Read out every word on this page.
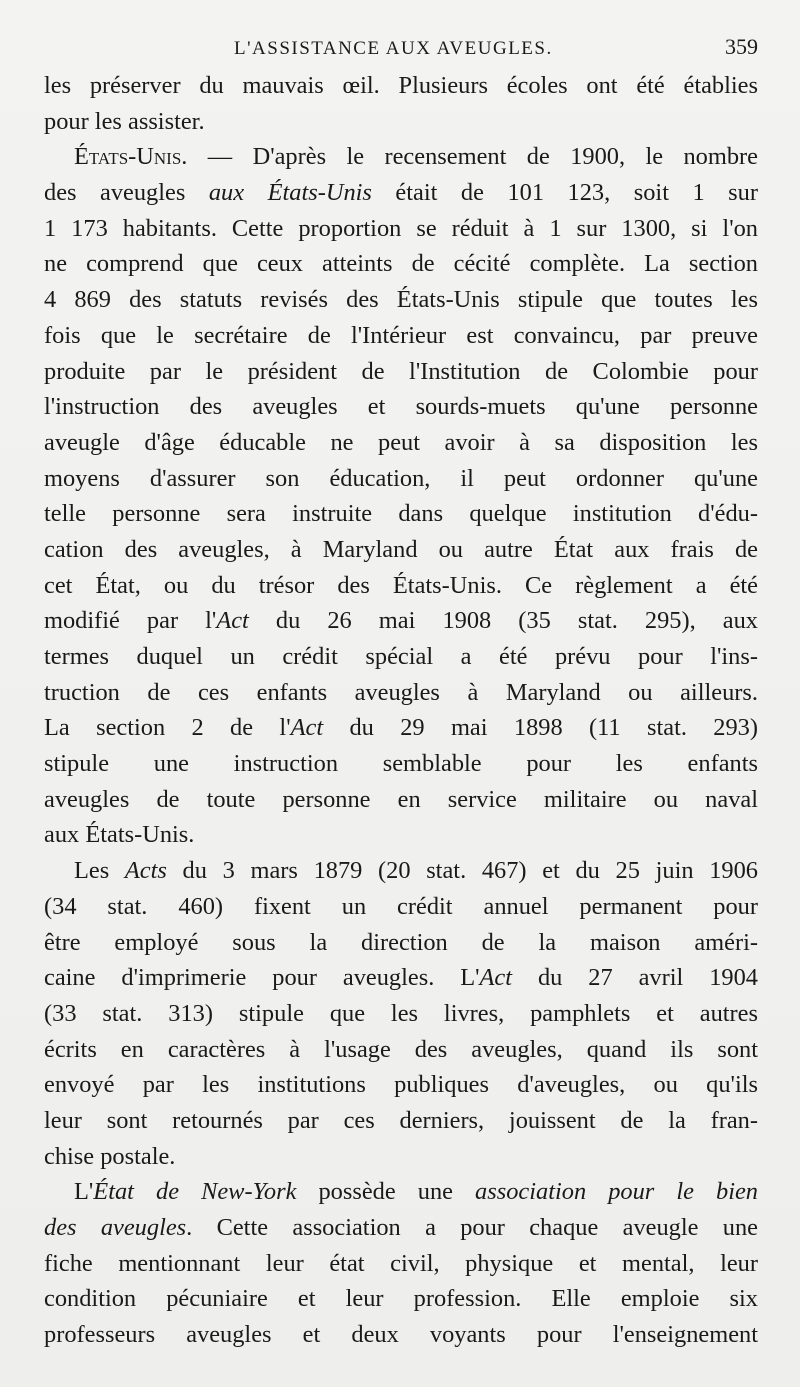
L'ASSISTANCE AUX AVEUGLES.	359
les préserver du mauvais œil. Plusieurs écoles ont été établies
pour les assister.
États-Unis. — D'après le recensement de 1900, le nombre
des aveugles aux États-Unis était de 101 123, soit 1 sur
1 173 habitants. Cette proportion se réduit à 1 sur 1300, si l'on
ne comprend que ceux atteints de cécité complète. La section
4 869 des statuts revisés des États-Unis stipule que toutes les
fois que le secrétaire de l'Intérieur est convaincu, par preuve
produite par le président de l'Institution de Colombie pour
l'instruction des aveugles et sourds-muets qu'une personne
aveugle d'âge éducable ne peut avoir à sa disposition les
moyens d'assurer son éducation, il peut ordonner qu'une
telle personne sera instruite dans quelque institution d'édu-
cation des aveugles, à Maryland ou autre État aux frais de
cet État, ou du trésor des États-Unis. Ce règlement a été
modifié par l'Act du 26 mai 1908 (35 stat. 295), aux
termes duquel un crédit spécial a été prévu pour l'ins-
truction de ces enfants aveugles à Maryland ou ailleurs.
La section 2 de l'Act du 29 mai 1898 (11 stat. 293)
stipule une instruction semblable pour les enfants
aveugles de toute personne en service militaire ou naval
aux États-Unis.
Les Acts du 3 mars 1879 (20 stat. 467) et du 25 juin 1906
(34 stat. 460) fixent un crédit annuel permanent pour
être employé sous la direction de la maison améri-
caine d'imprimerie pour aveugles. L'Act du 27 avril 1904
(33 stat. 313) stipule que les livres, pamphlets et autres
écrits en caractères à l'usage des aveugles, quand ils sont
envoyé par les institutions publiques d'aveugles, ou qu'ils
leur sont retournés par ces derniers, jouissent de la fran-
chise postale.
L'État de New-York possède une association pour le bien
des aveugles. Cette association a pour chaque aveugle une
fiche mentionnant leur état civil, physique et mental, leur
condition pécuniaire et leur profession. Elle emploie six
professeurs aveugles et deux voyants pour l'enseignement
